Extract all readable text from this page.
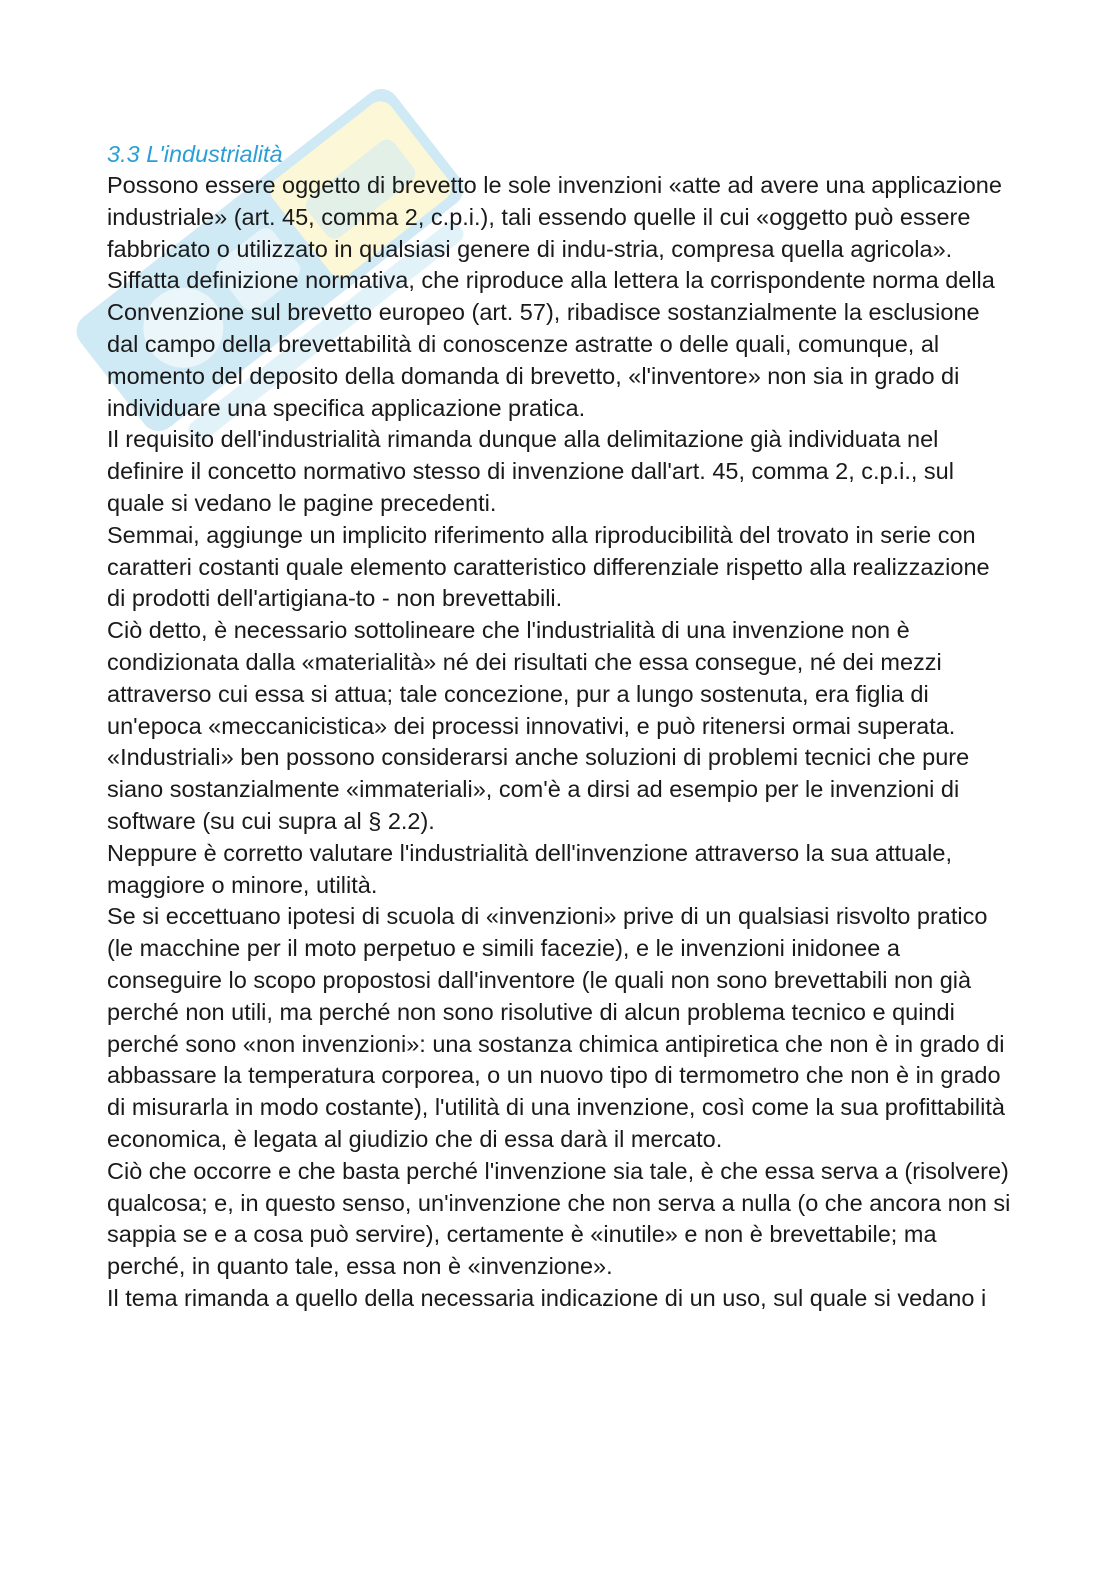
3.3 L'industrialità

Possono essere oggetto di brevetto le sole invenzioni «atte ad avere una applicazione industriale» (art. 45, comma 2, c.p.i.), tali essendo quelle il cui «oggetto può essere fabbricato o utilizzato in qualsiasi genere di indu-stria, compresa quella agricola».

Siffatta definizione normativa, che riproduce alla lettera la corrispondente norma della Convenzione sul brevetto europeo (art. 57), ribadisce sostanzialmente la esclusione dal campo della brevettabilità di conoscenze astratte o delle quali, comunque, al momento del deposito della domanda di brevetto, «l'inventore» non sia in grado di individuare una specifica applicazione pratica.

Il requisito dell'industrialità rimanda dunque alla delimitazione già individuata nel definire il concetto normativo stesso di invenzione dall'art. 45, comma 2, c.p.i., sul quale si vedano le pagine precedenti.

Semmai, aggiunge un implicito riferimento alla riproducibilità del trovato in serie con caratteri costanti quale elemento caratteristico differenziale rispetto alla realizzazione di prodotti dell'artigiana-to - non brevettabili.

Ciò detto, è necessario sottolineare che l'industrialità di una invenzione non è condizionata dalla «materialità» né dei risultati che essa consegue, né dei mezzi attraverso cui essa si attua; tale concezione, pur a lungo sostenuta, era figlia di un'epoca «meccanicistica» dei processi innovativi, e può ritenersi ormai superata. «Industriali» ben possono considerarsi anche soluzioni di problemi tecnici che pure siano sostanzialmente «immateriali», com'è a dirsi ad esempio per le invenzioni di software (su cui supra al § 2.2).

Neppure è corretto valutare l'industrialità dell'invenzione attraverso la sua attuale, maggiore o minore, utilità.

Se si eccettuano ipotesi di scuola di «invenzioni» prive di un qualsiasi risvolto pratico (le macchine per il moto perpetuo e simili facezie), e le invenzioni inidonee a conseguire lo scopo propostosi dall'inventore (le quali non sono brevettabili non già perché non utili, ma perché non sono risolutive di alcun problema tecnico e quindi perché sono «non invenzioni»: una sostanza chimica antipiretica che non è in grado di abbassare la temperatura corporea, o un nuovo tipo di termometro che non è in grado di misurarla in modo costante), l'utilità di una invenzione, così come la sua profittabilità economica, è legata al giudizio che di essa darà il mercato.

Ciò che occorre e che basta perché l'invenzione sia tale, è che essa serva a (risolvere) qualcosa; e, in questo senso, un'invenzione che non serva a nulla (o che ancora non si sappia se e a cosa può servire), certamente è «inutile» e non è brevettabile; ma perché, in quanto tale, essa non è «invenzione».

Il tema rimanda a quello della necessaria indicazione di un uso, sul quale si vedano i
